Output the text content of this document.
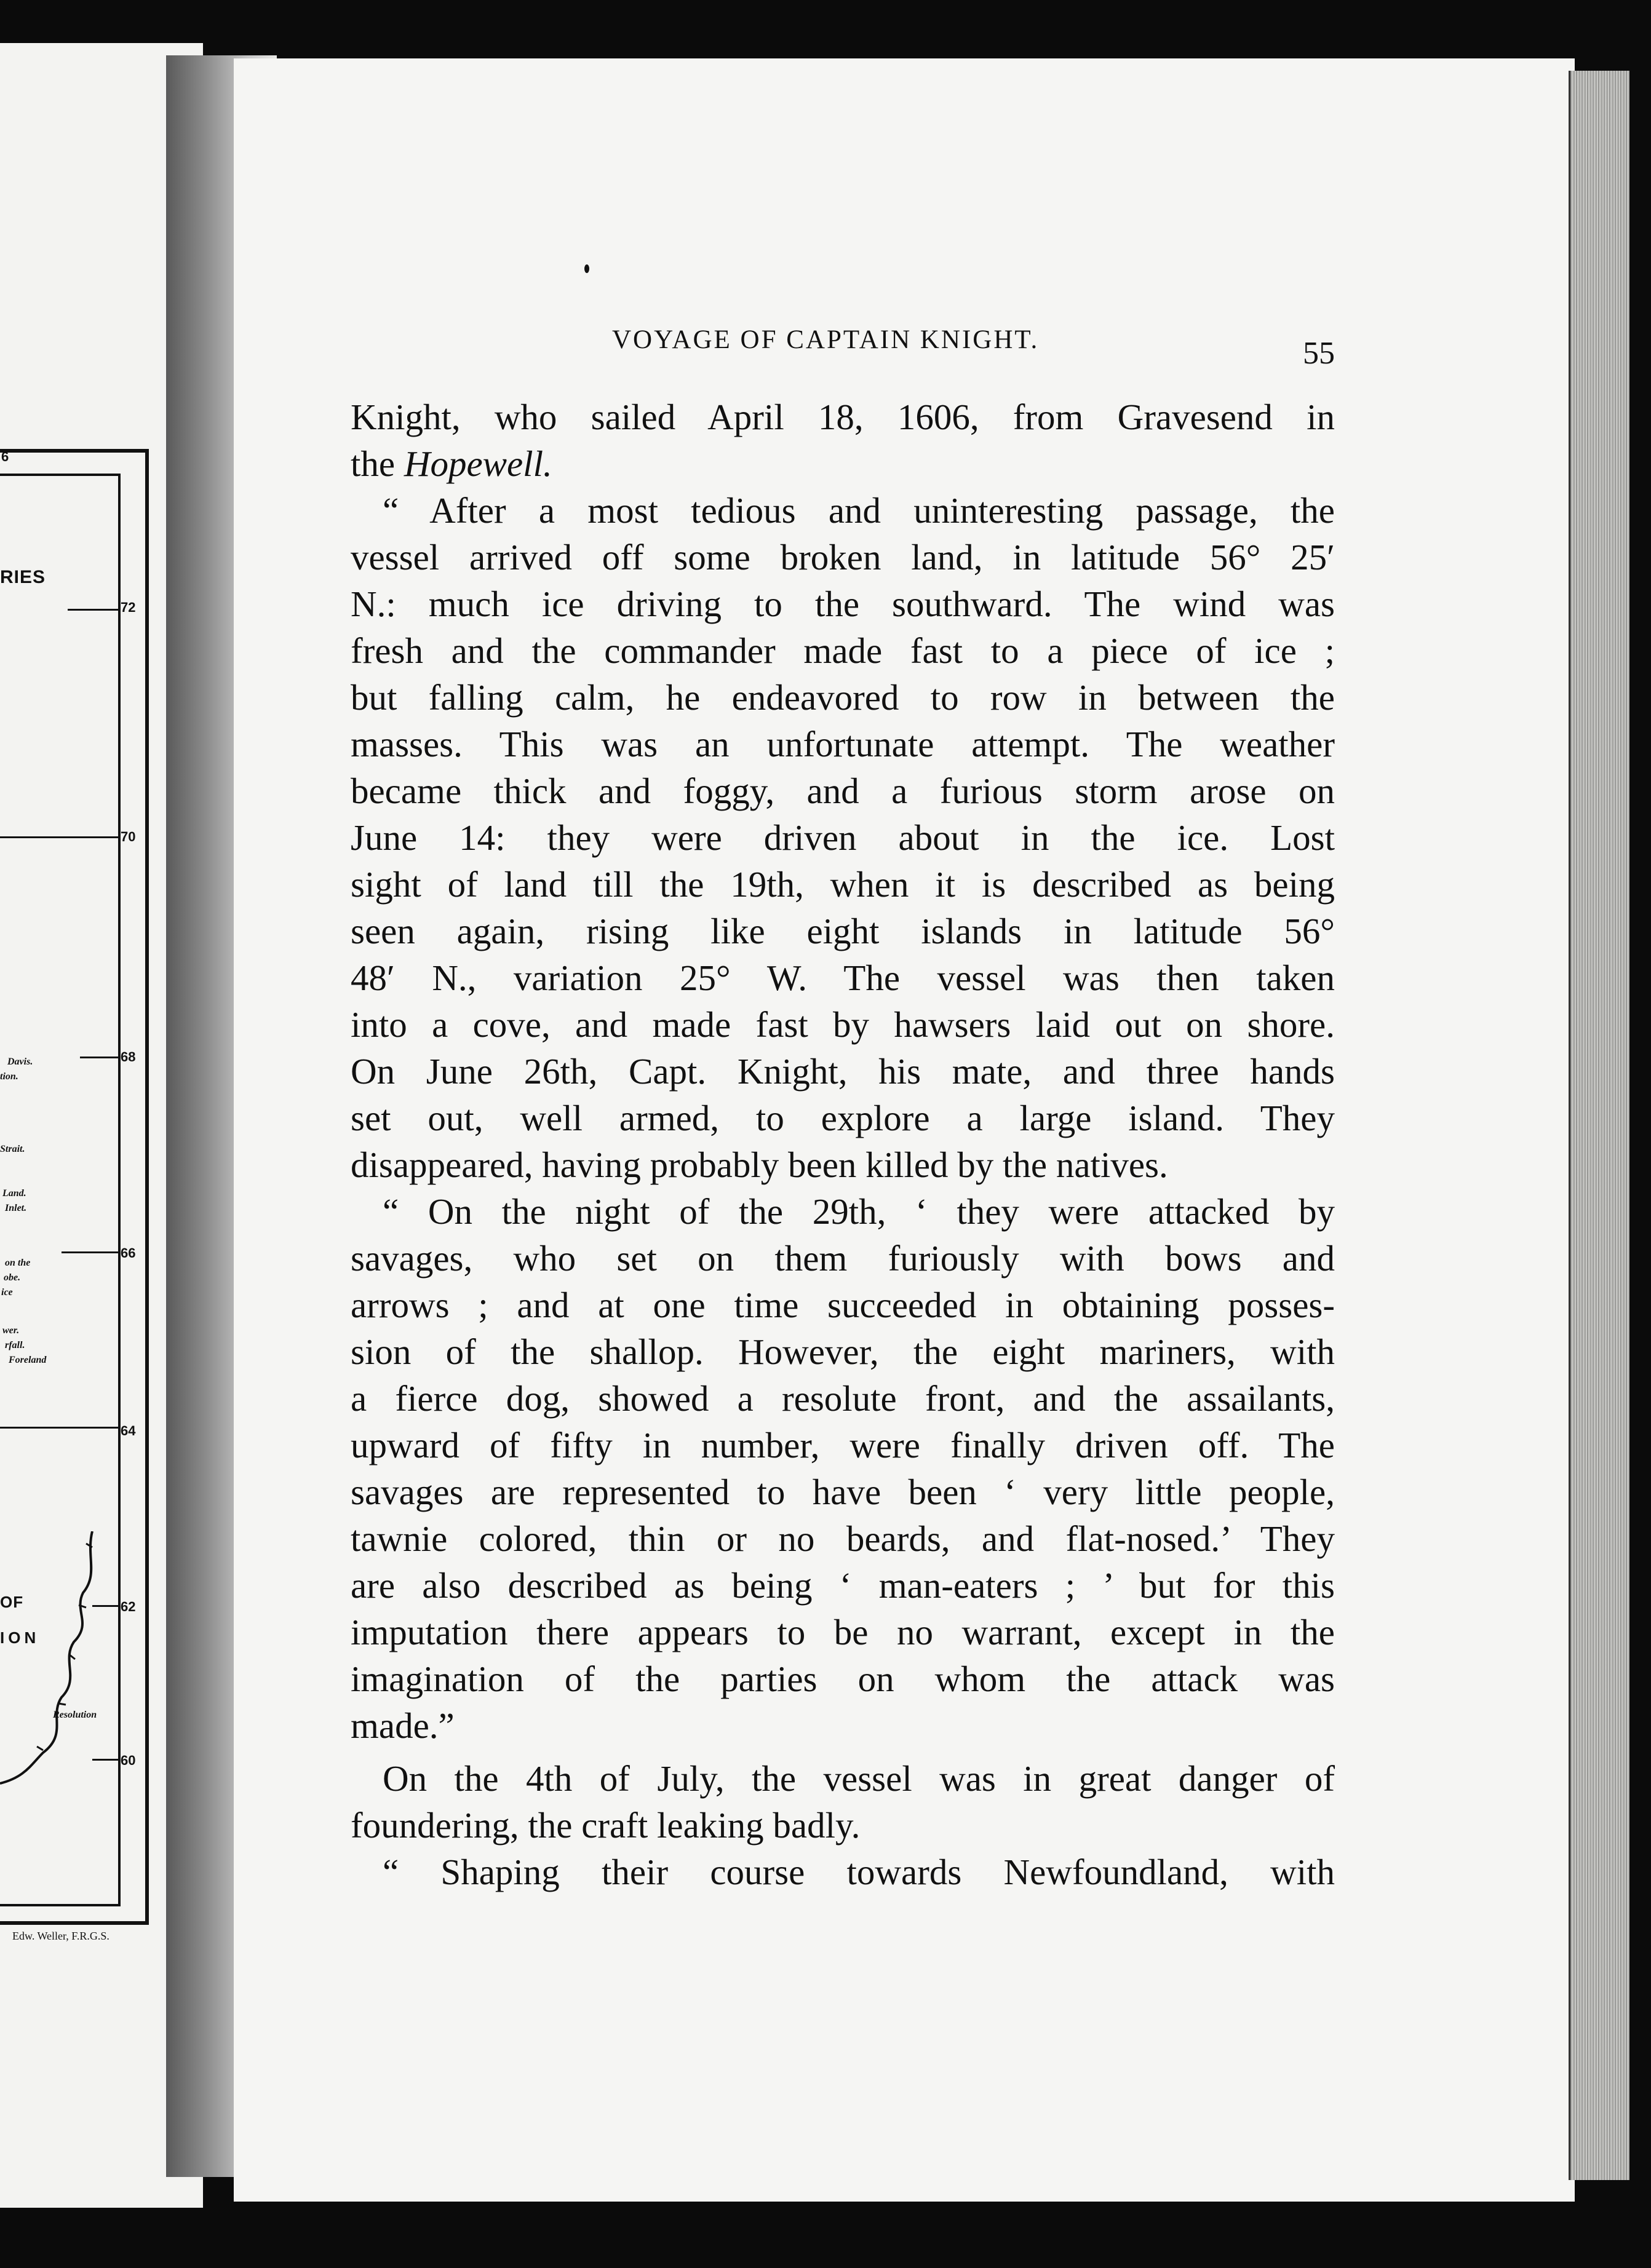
6
RIES
72
70
68
66
64
62
60
Davis.
tion.
Strait.
Land.
Inlet.
on the
obe.
ice
wer.
rfall.
Foreland
Resolution
OF
ION
Edw. Weller, F.R.G.S.
VOYAGE OF CAPTAIN KNIGHT.	55
Knight, who sailed April 18, 1606, from Gravesend in
the Hopewell.
“ After a most tedious and uninteresting passage, the
vessel arrived off some broken land, in latitude 56° 25′
N.: much ice driving to the southward. The wind was
fresh and the commander made fast to a piece of ice ;
but falling calm, he endeavored to row in between the
masses. This was an unfortunate attempt. The weather
became thick and foggy, and a furious storm arose on
June 14: they were driven about in the ice. Lost
sight of land till the 19th, when it is described as being
seen again, rising like eight islands in latitude 56°
48′ N., variation 25° W. The vessel was then taken
into a cove, and made fast by hawsers laid out on shore.
On June 26th, Capt. Knight, his mate, and three hands
set out, well armed, to explore a large island. They
disappeared, having probably been killed by the natives.
“ On the night of the 29th, ‘ they were attacked by
savages, who set on them furiously with bows and
arrows ; and at one time succeeded in obtaining posses-
sion of the shallop. However, the eight mariners, with
a fierce dog, showed a resolute front, and the assailants,
upward of fifty in number, were finally driven off. The
savages are represented to have been ‘ very little people,
tawnie colored, thin or no beards, and flat-nosed.’ They
are also described as being ‘ man-eaters ; ’ but for this
imputation there appears to be no warrant, except in the
imagination of the parties on whom the attack was
made.”
On the 4th of July, the vessel was in great danger of
foundering, the craft leaking badly.
“ Shaping their course towards Newfoundland, with
